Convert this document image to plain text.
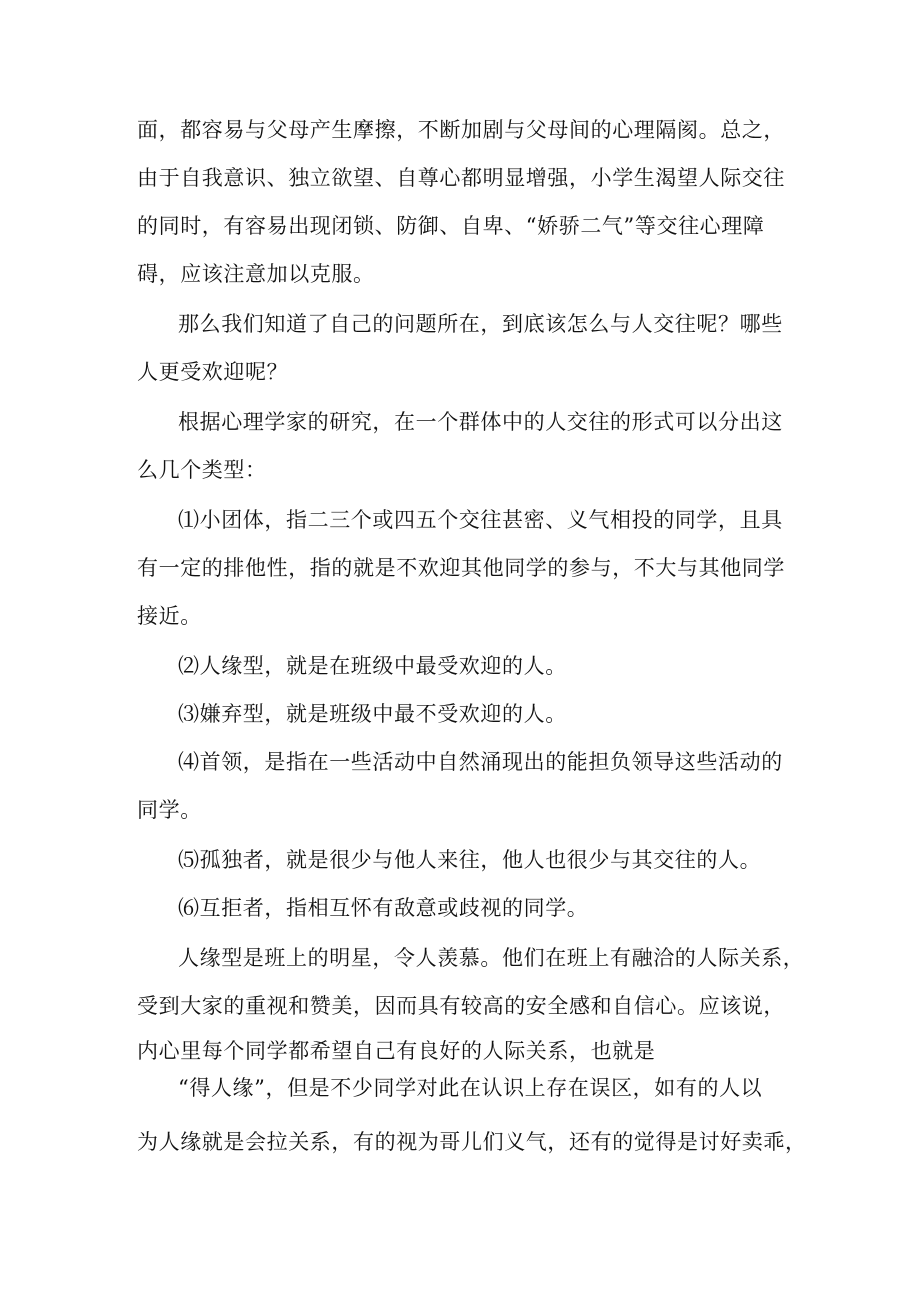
面，都容易与父母产生摩擦，不断加剧与父母间的心理隔阂。总之，
由于自我意识、独立欲望、自尊心都明显增强，小学生渴望人际交往
的同时，有容易出现闭锁、防御、自卑、“娇骄二气”等交往心理障
碍，应该注意加以克服。
那么我们知道了自己的问题所在，到底该怎么与人交往呢？哪些
人更受欢迎呢？
根据心理学家的研究，在一个群体中的人交往的形式可以分出这
么几个类型：
⑴小团体，指二三个或四五个交往甚密、义气相投的同学，且具
有一定的排他性，指的就是不欢迎其他同学的参与，不大与其他同学
接近。
⑵人缘型，就是在班级中最受欢迎的人。
⑶嫌弃型，就是班级中最不受欢迎的人。
⑷首领，是指在一些活动中自然涌现出的能担负领导这些活动的
同学。
⑸孤独者，就是很少与他人来往，他人也很少与其交往的人。
⑹互拒者，指相互怀有敌意或歧视的同学。
人缘型是班上的明星，令人羡慕。他们在班上有融洽的人际关系，
受到大家的重视和赞美，因而具有较高的安全感和自信心。应该说，
内心里每个同学都希望自己有良好的人际关系，也就是
“得人缘”，但是不少同学对此在认识上存在误区，如有的人以
为人缘就是会拉关系，有的视为哥儿们义气，还有的觉得是讨好卖乖，
